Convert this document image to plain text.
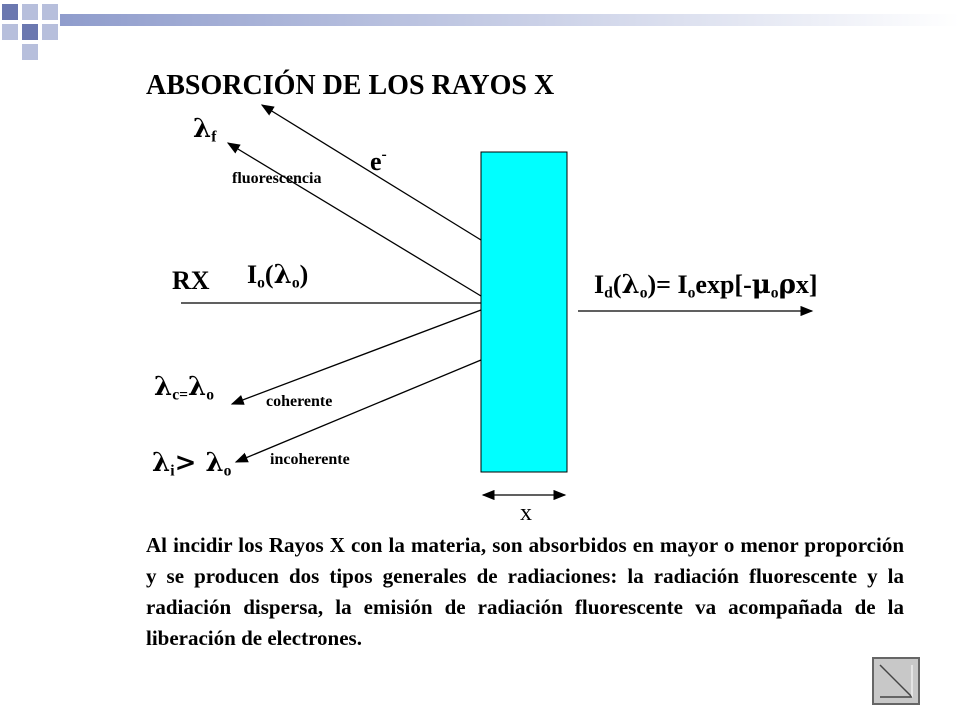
ABSORCIÓN DE LOS RAYOS X
$\lambda_f$
fluorescencia
e-
RX $I_o(\lambda_o)$	$I_d(\lambda_o)= I_o\exp[-\mu_o\rho x]$
$\lambda_{c=}\lambda_o$	coherente
$\lambda_i> \lambda_o$
incoherente
x
Al incidir los Rayos X con la materia, son absorbidos en mayor o menor proporción y se producen dos tipos generales de radiaciones: la radiación fluorescente y la radiación dispersa, la emisión de radiación fluorescente va acompañada de la liberación de electrones.
